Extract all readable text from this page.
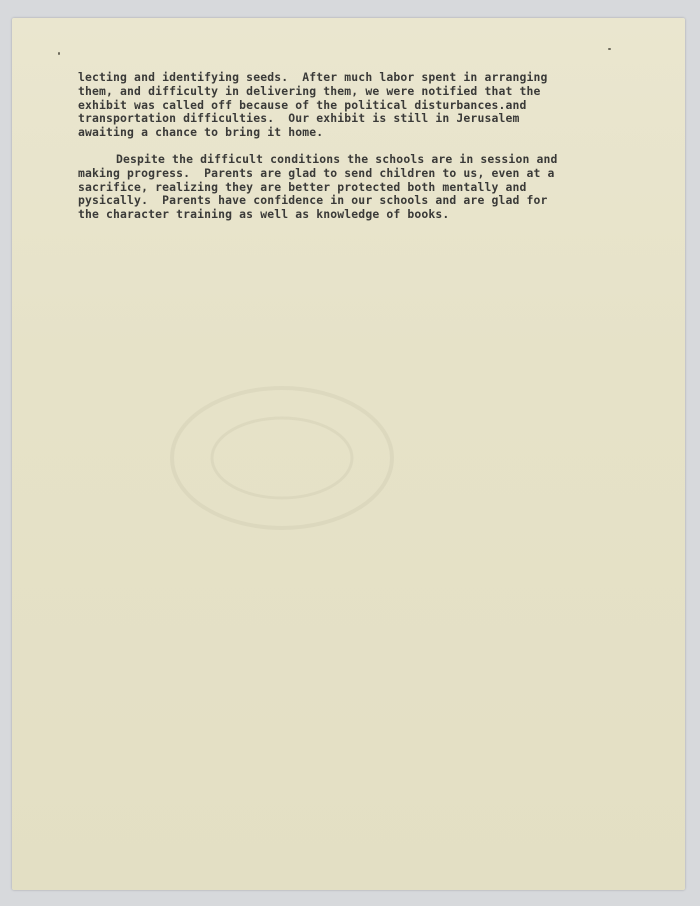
lecting and identifying seeds.  After much labor spent in arranging
them, and difficulty in delivering them, we were notified that the
exhibit was called off because of the political disturbances.and
transportation difficulties.  Our exhibit is still in Jerusalem
awaiting a chance to bring it home.

Despite the difficult conditions the schools are in session and
making progress.  Parents are glad to send children to us, even at a
sacrifice, realizing they are better protected both mentally and
pysically.  Parents have confidence in our schools and are glad for
the character training as well as knowledge of books.
